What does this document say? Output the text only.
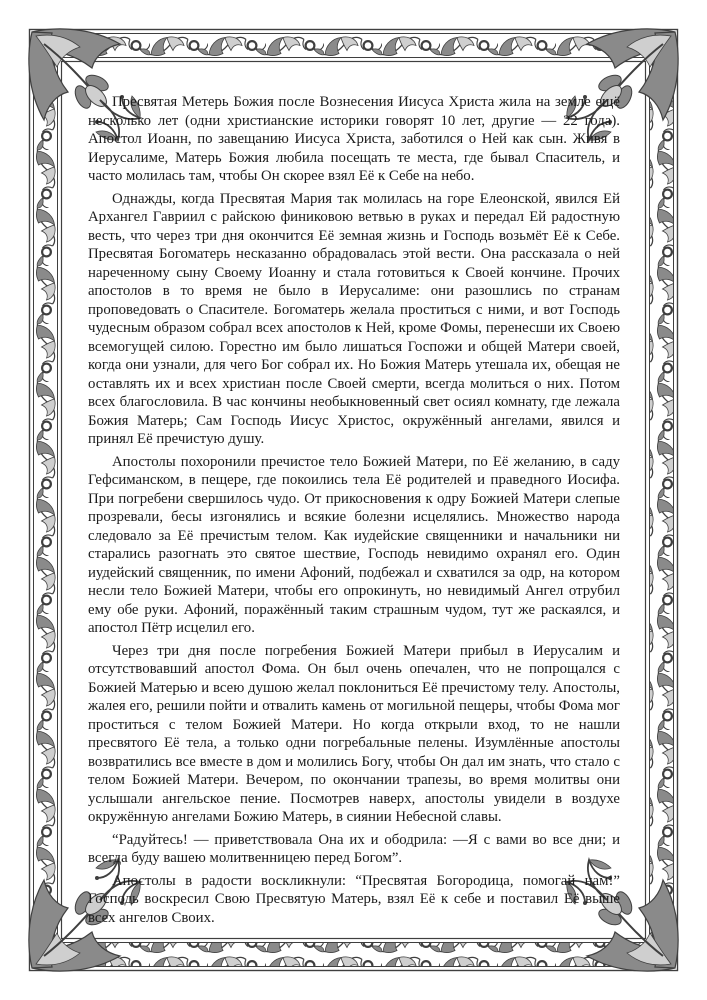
Пресвятая Метерь Божия после Вознесения Иисуса Христа жила на земле ещё несколько лет (одни христианские историки говорят 10 лет, другие — 22 года). Апостол Иоанн, по завещанию Иисуса Христа, заботился о Ней как сын. Живя в Иерусалиме, Матерь Божия любила посещать те места, где бывал Спаситель, и часто молилась там, чтобы Он скорее взял Её к Себе на небо.

Однажды, когда Пресвятая Мария так молилась на горе Елеонской, явился Ей Архангел Гавриил с райскою финиковою ветвью в руках и передал Ей радостную весть, что через три дня окончится Её земная жизнь и Господь возьмёт Её к Себе. Пресвятая Богоматерь несказанно обрадовалась этой вести. Она рассказала о ней нареченному сыну Своему Иоанну и стала готовиться к Своей кончине. Прочих апостолов в то время не было в Иерусалиме: они разошлись по странам проповедовать о Спасителе. Богоматерь желала проститься с ними, и вот Господь чудесным образом собрал всех апостолов к Ней, кроме Фомы, перенесши их Своею всемогущей силою. Горестно им было лишаться Госпожи и общей Матери своей, когда они узнали, для чего Бог собрал их. Но Божия Матерь утешала их, обещая не оставлять их и всех христиан после Своей смерти, всегда молиться о них. Потом всех благословила. В час кончины необыкновенный свет осиял комнату, где лежала Божия Матерь; Сам Господь Иисус Христос, окружённый ангелами, явился и принял Её пречистую душу.

Апостолы похоронили пречистое тело Божией Матери, по Её желанию, в саду Гефсиманском, в пещере, где покоились тела Её родителей и праведного Иосифа. При погребени свершилось чудо. От прикосновения к одру Божией Матери слепые прозревали, бесы изгонялись и всякие болезни исцелялись. Множество народа следовало за Её пречистым телом. Как иудейские священники и начальники ни старались разогнать это святое шествие, Господь невидимо охранял его. Один иудейский священник, по имени Афоний, подбежал и схватился за одр, на котором несли тело Божией Матери, чтобы его опрокинуть, но невидимый Ангел отрубил ему обе руки. Афоний, поражённый таким страшным чудом, тут же раскаялся, и апостол Пётр исцелил его.

Через три дня после погребения Божией Матери прибыл в Иерусалим и отсутствовавший апостол Фома. Он был очень опечален, что не попрощался с Божией Матерью и всею душою желал поклониться Её пречистому телу. Апостолы, жалея его, решили пойти и отвалить камень от могильной пещеры, чтобы Фома мог проститься с телом Божией Матери. Но когда открыли вход, то не нашли пресвятого Её тела, а только одни погребальные пелены. Изумлённые апостолы возвратились все вместе в дом и молились Богу, чтобы Он дал им знать, что стало с телом Божией Матери. Вечером, по окончании трапезы, во время молитвы они услышали ангельское пение. Посмотрев наверх, апостолы увидели в воздухе окружённую ангелами Божию Матерь, в сиянии Небесной славы.

“Радуйтесь! — приветствовала Она их и ободрила: —Я с вами во все дни; и всегда буду вашею молитвенницею перед Богом”.

Апостолы в радости воскликнули: “Пресвятая Богородица, помогай нам!” Господь воскресил Свою Пресвятую Матерь, взял Её к себе и поставил Её выше всех ангелов Своих.
